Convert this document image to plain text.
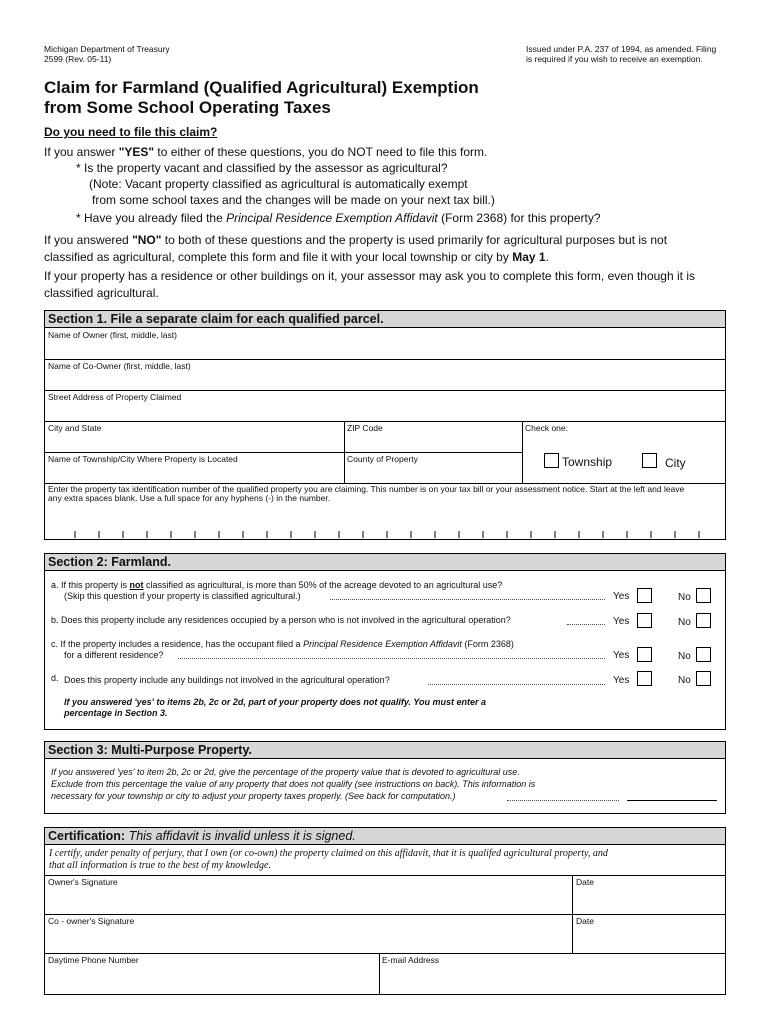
Michigan Department of Treasury
2599 (Rev. 05-11)
Issued under P.A. 237 of 1994, as amended. Filing
is required if you wish to receive an exemption.
Claim for Farmland (Qualified Agricultural) Exemption
from Some School Operating Taxes
Do you need to file this claim?
If you answer "YES" to either of these questions, you do NOT need to file this form.
* Is the property vacant and classified by the assessor as agricultural?
(Note: Vacant property classified as agricultural is automatically exempt
from some school taxes and the changes will be made on your next tax bill.)
* Have you already filed the Principal Residence Exemption Affidavit (Form 2368) for this property?
If you answered "NO" to both of these questions and the property is used primarily for agricultural purposes but is not
classified as agricultural, complete this form and file it with your local township or city by May 1.
If your property has a residence or other buildings on it, your assessor may ask you to complete this form, even though it is
classified agricultural.
Section 1. File a separate claim for each qualified parcel.
Name of Owner (first, middle, last)
Name of Co-Owner (first, middle, last)
Street Address of Property Claimed
City and State	ZIP Code	Check one:
Name of Township/City Where Property is Located	County of Property	Township	City
Enter the property tax identification number of the qualified property you are claiming. This number is on your tax bill or your assessment notice. Start at the left and leave
any extra spaces blank. Use a full space for any hyphens (-) in the number.
Section 2: Farmland.
a. If this property is not classified as agricultural, is more than 50% of the acreage devoted to an agricultural use?
(Skip this question if your property is classified agricultural.)	Yes	No
b. Does this property include any residences occupied by a person who is not involved in the agricultural operation?	Yes	No
c. If the property includes a residence, has the occupant filed a Principal Residence Exemption Affidavit (Form 2368)
for a different residence?	Yes	No
d. Does this property include any buildings not involved in the agricultural operation?	Yes	No
If you answered 'yes' to items 2b, 2c or 2d, part of your property does not qualify. You must enter a
percentage in Section 3.
Section 3: Multi-Purpose Property.
If you answered 'yes' to item 2b, 2c or 2d, give the percentage of the property value that is devoted to agricultural use.
Exclude from this percentage the value of any property that does not qualify (see instructions on back). This information is
necessary for your township or city to adjust your property taxes properly. (See back for computation.)
Certification: This affidavit is invalid unless it is signed.
I certify, under penalty of perjury, that I own (or co-own) the property claimed on this affidavit, that it is qualifed agricultural property, and
that all information is true to the best of my knowledge.
Owner's Signature	Date
Co - owner's Signature	Date
Daytime Phone Number	E-mail Address
